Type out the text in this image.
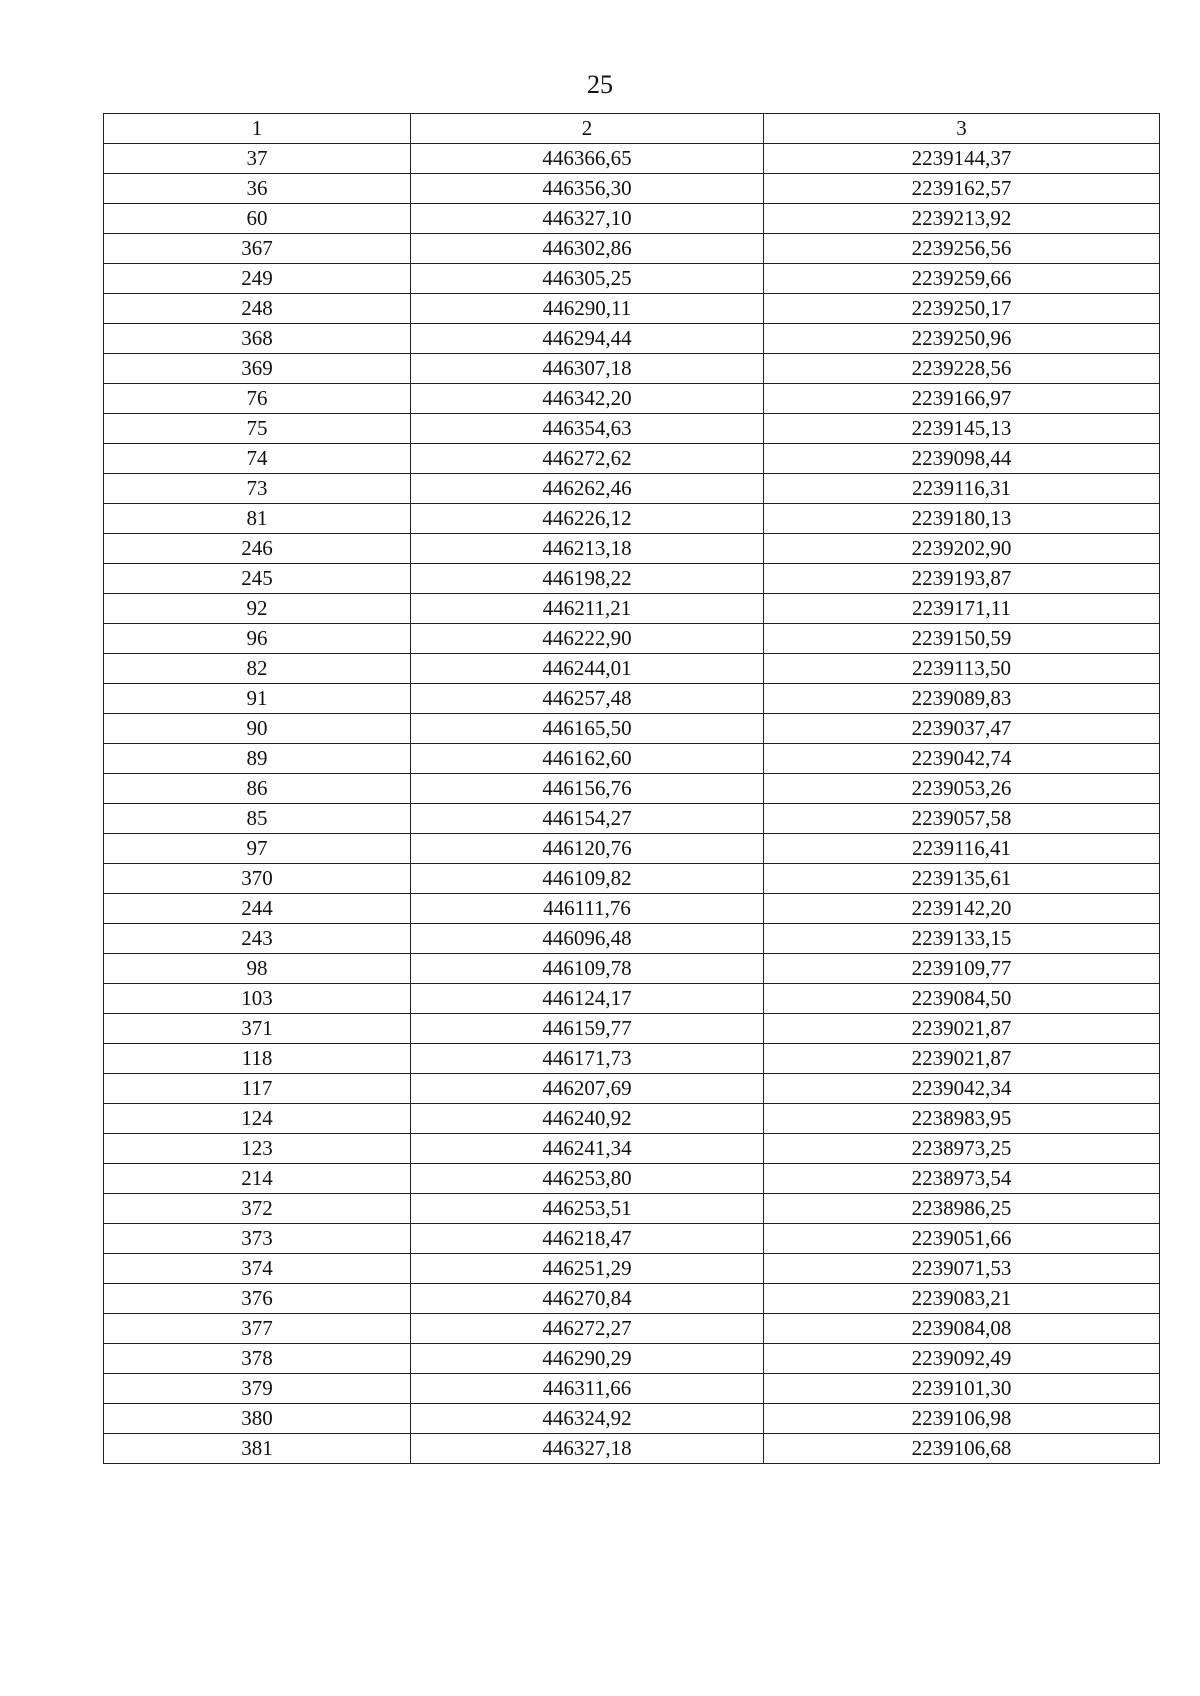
25
1	2	3
37	446366,65	2239144,37
36	446356,30	2239162,57
60	446327,10	2239213,92
367	446302,86	2239256,56
249	446305,25	2239259,66
248	446290,11	2239250,17
368	446294,44	2239250,96
369	446307,18	2239228,56
76	446342,20	2239166,97
75	446354,63	2239145,13
74	446272,62	2239098,44
73	446262,46	2239116,31
81	446226,12	2239180,13
246	446213,18	2239202,90
245	446198,22	2239193,87
92	446211,21	2239171,11
96	446222,90	2239150,59
82	446244,01	2239113,50
91	446257,48	2239089,83
90	446165,50	2239037,47
89	446162,60	2239042,74
86	446156,76	2239053,26
85	446154,27	2239057,58
97	446120,76	2239116,41
370	446109,82	2239135,61
244	446111,76	2239142,20
243	446096,48	2239133,15
98	446109,78	2239109,77
103	446124,17	2239084,50
371	446159,77	2239021,87
118	446171,73	2239021,87
117	446207,69	2239042,34
124	446240,92	2238983,95
123	446241,34	2238973,25
214	446253,80	2238973,54
372	446253,51	2238986,25
373	446218,47	2239051,66
374	446251,29	2239071,53
376	446270,84	2239083,21
377	446272,27	2239084,08
378	446290,29	2239092,49
379	446311,66	2239101,30
380	446324,92	2239106,98
381	446327,18	2239106,68
